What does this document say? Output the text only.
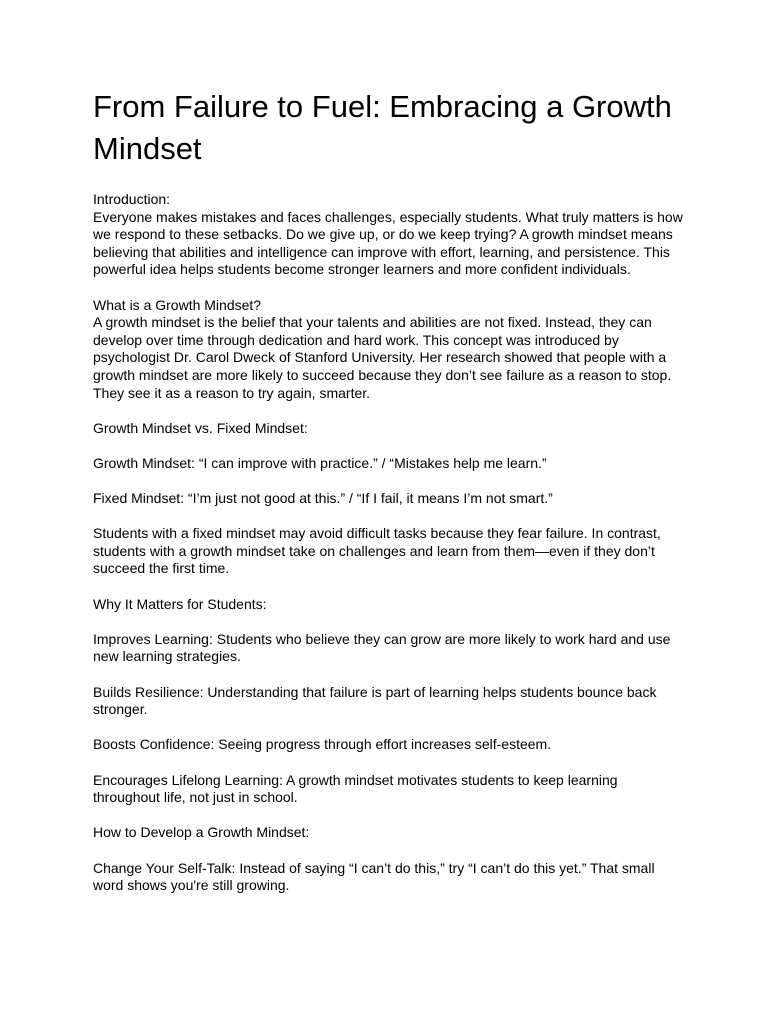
From Failure to Fuel: Embracing a Growth Mindset

Introduction:
Everyone makes mistakes and faces challenges, especially students. What truly matters is how we respond to these setbacks. Do we give up, or do we keep trying? A growth mindset means believing that abilities and intelligence can improve with effort, learning, and persistence. This powerful idea helps students become stronger learners and more confident individuals.

What is a Growth Mindset?
A growth mindset is the belief that your talents and abilities are not fixed. Instead, they can develop over time through dedication and hard work. This concept was introduced by psychologist Dr. Carol Dweck of Stanford University. Her research showed that people with a growth mindset are more likely to succeed because they don’t see failure as a reason to stop. They see it as a reason to try again, smarter.

Growth Mindset vs. Fixed Mindset:

Growth Mindset: “I can improve with practice.” / “Mistakes help me learn.”

Fixed Mindset: “I’m just not good at this.” / “If I fail, it means I’m not smart.”

Students with a fixed mindset may avoid difficult tasks because they fear failure. In contrast, students with a growth mindset take on challenges and learn from them—even if they don’t succeed the first time.

Why It Matters for Students:

Improves Learning: Students who believe they can grow are more likely to work hard and use new learning strategies.

Builds Resilience: Understanding that failure is part of learning helps students bounce back stronger.

Boosts Confidence: Seeing progress through effort increases self-esteem.

Encourages Lifelong Learning: A growth mindset motivates students to keep learning throughout life, not just in school.

How to Develop a Growth Mindset:

Change Your Self-Talk: Instead of saying “I can’t do this,” try “I can’t do this yet.” That small word shows you're still growing.
